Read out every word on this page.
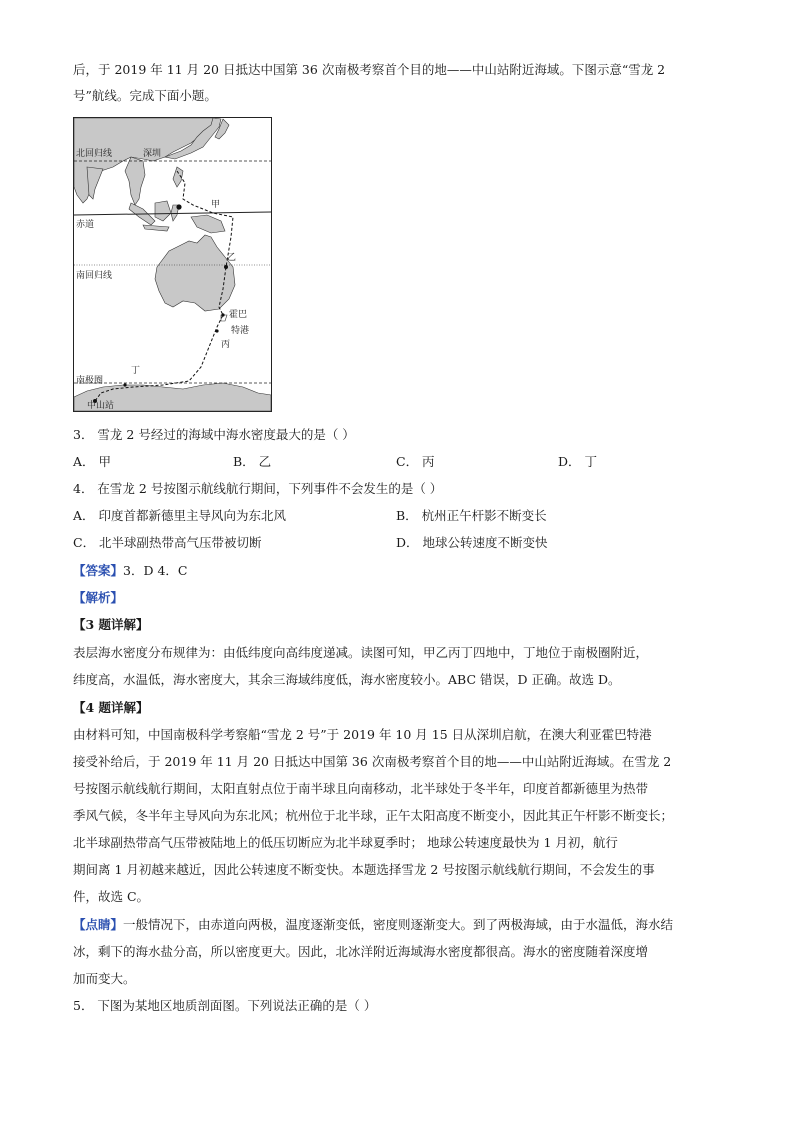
后，于 2019 年 11 月 20 日抵达中国第 36 次南极考察首个目的地——中山站附近海域。下图示意“雪龙 2
号”航线。完成下面小题。
北回归线	深圳
甲
赤道
乙
南回归线
霍巴
特港
丙
丁
南极圈
中山站
3． 雪龙 2 号经过的海域中海水密度最大的是（ ）
A． 甲	B． 乙	C． 丙	D． 丁
4． 在雪龙 2 号按图示航线航行期间，下列事件不会发生的是（ ）
A． 印度首都新德里主导风向为东北风	B． 杭州正午杆影不断变长
C． 北半球副热带高气压带被切断	D． 地球公转速度不断变快
【答案】3．D 4．C
【解析】
【3 题详解】
表层海水密度分布规律为：由低纬度向高纬度递减。读图可知，甲乙丙丁四地中，丁地位于南极圈附近，
纬度高，水温低，海水密度大，其余三海域纬度低，海水密度较小。ABC 错误，D 正确。故选 D。
【4 题详解】
由材料可知，中国南极科学考察船“雪龙 2 号”于 2019 年 10 月 15 日从深圳启航，在澳大利亚霍巴特港
接受补给后，于 2019 年 11 月 20 日抵达中国第 36 次南极考察首个目的地——中山站附近海域。在雪龙 2
号按图示航线航行期间，太阳直射点位于南半球且向南移动，北半球处于冬半年，印度首都新德里为热带
季风气候，冬半年主导风向为东北风；杭州位于北半球，正午太阳高度不断变小，因此其正午杆影不断变长；
北半球副热带高气压带被陆地上的低压切断应为北半球夏季时； 地球公转速度最快为 1 月初，航行
期间离 1 月初越来越近，因此公转速度不断变快。本题选择雪龙 2 号按图示航线航行期间，不会发生的事
件，故选 C。
【点睛】一般情况下，由赤道向两极，温度逐渐变低，密度则逐渐变大。到了两极海域，由于水温低，海水结
冰，剩下的海水盐分高，所以密度更大。因此，北冰洋附近海域海水密度都很高。海水的密度随着深度增
加而变大。
5． 下图为某地区地质剖面图。下列说法正确的是（ ）
